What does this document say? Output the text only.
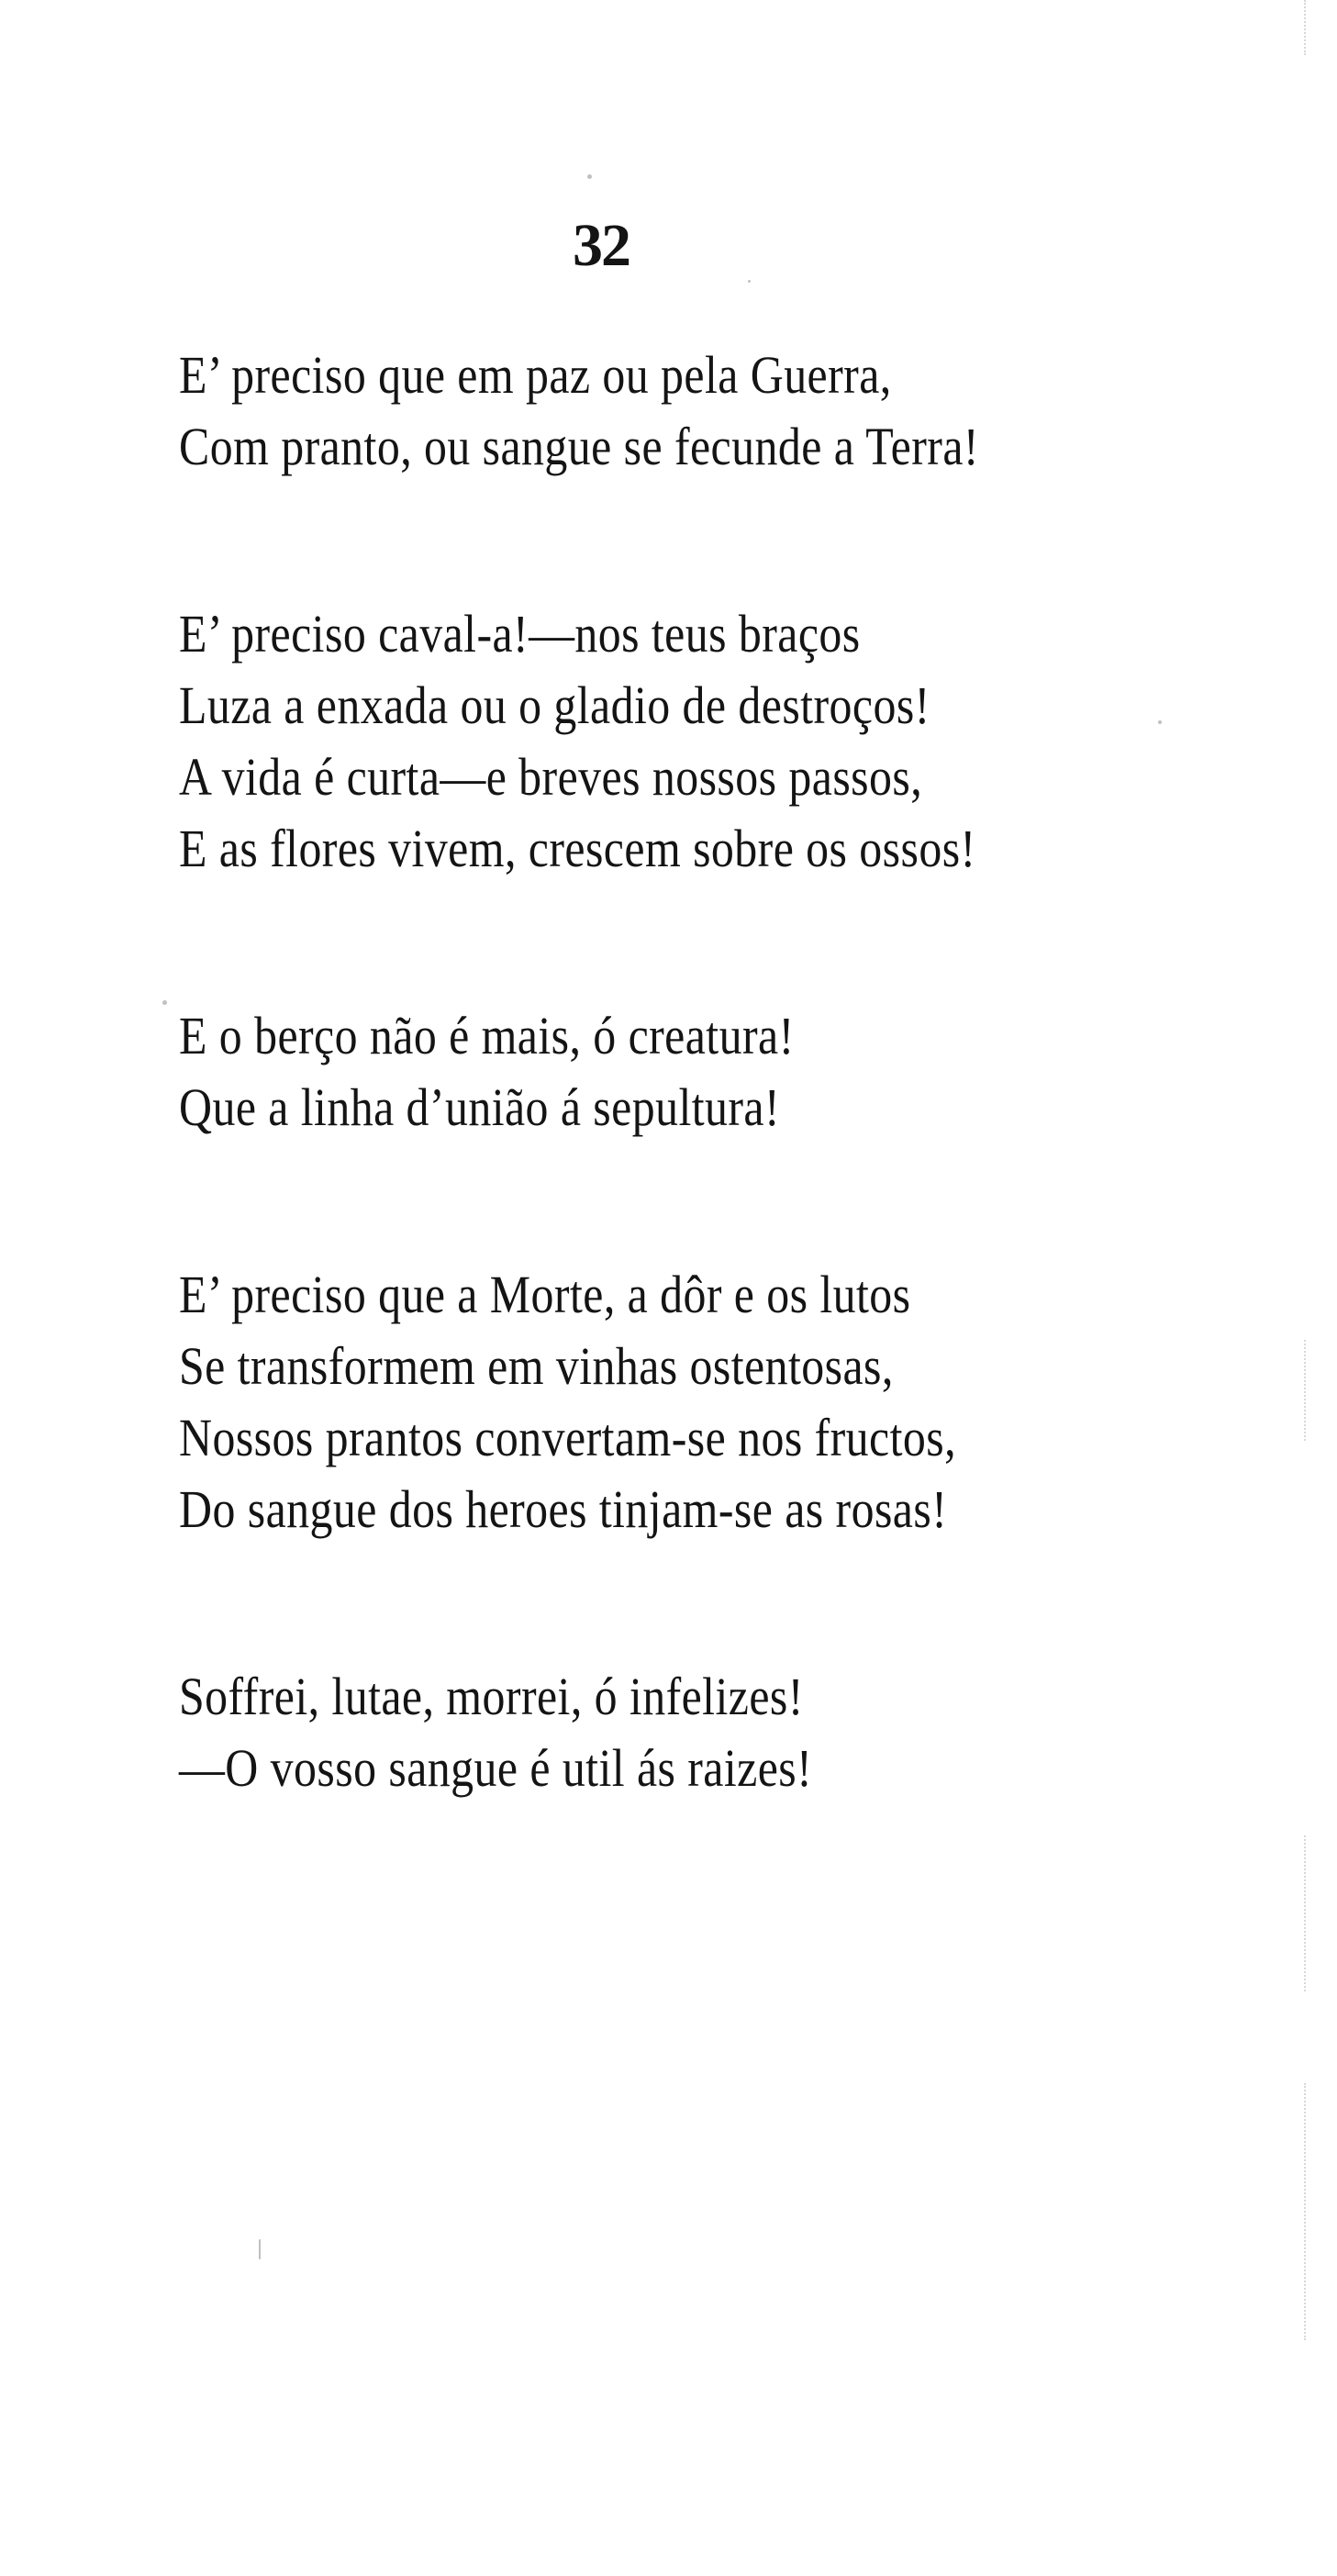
32
E’ preciso que em paz ou pela Guerra,
Com pranto, ou sangue se fecunde a Terra!
E’ preciso caval-a!—nos teus braços
Luza a enxada ou o gladio de destroços!
A vida é curta—e breves nossos passos,
E as flores vivem, crescem sobre os ossos!
E o berço não é mais, ó creatura!
Que a linha d’união á sepultura!
E’ preciso que a Morte, a dôr e os lutos
Se transformem em vinhas ostentosas,
Nossos prantos convertam-se nos fructos,
Do sangue dos heroes tinjam-se as rosas!
Soffrei, lutae, morrei, ó infelizes!
—O vosso sangue é util ás raizes!
